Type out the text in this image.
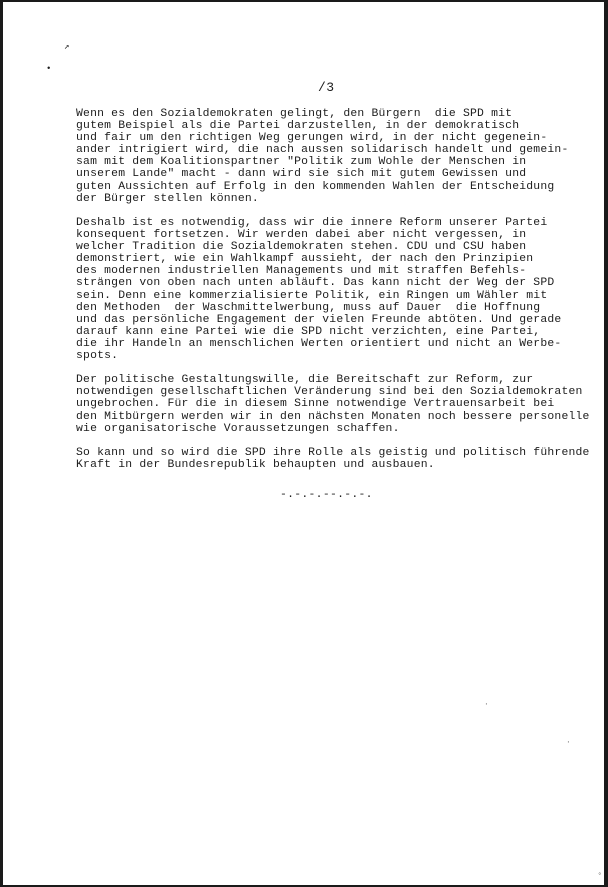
↗
•
/3

Wenn es den Sozialdemokraten gelingt, den Bürgern  die SPD mit
gutem Beispiel als die Partei darzustellen, in der demokratisch
und fair um den richtigen Weg gerungen wird, in der nicht gegenein-
ander intrigiert wird, die nach aussen solidarisch handelt und gemein-
sam mit dem Koalitionspartner "Politik zum Wohle der Menschen in
unserem Lande" macht - dann wird sie sich mit gutem Gewissen und
guten Aussichten auf Erfolg in den kommenden Wahlen der Entscheidung
der Bürger stellen können.

Deshalb ist es notwendig, dass wir die innere Reform unserer Partei
konsequent fortsetzen. Wir werden dabei aber nicht vergessen, in
welcher Tradition die Sozialdemokraten stehen. CDU und CSU haben
demonstriert, wie ein Wahlkampf aussieht, der nach den Prinzipien
des modernen industriellen Managements und mit straffen Befehls-
strängen von oben nach unten abläuft. Das kann nicht der Weg der SPD
sein. Denn eine kommerzialisierte Politik, ein Ringen um Wähler mit
den Methoden  der Waschmittelwerbung, muss auf Dauer  die Hoffnung
und das persönliche Engagement der vielen Freunde abtöten. Und gerade
darauf kann eine Partei wie die SPD nicht verzichten, eine Partei,
die ihr Handeln an menschlichen Werten orientiert und nicht an Werbe-
spots.

Der politische Gestaltungswille, die Bereitschaft zur Reform, zur
notwendigen gesellschaftlichen Veränderung sind bei den Sozialdemokraten
ungebrochen. Für die in diesem Sinne notwendige Vertrauensarbeit bei
den Mitbürgern werden wir in den nächsten Monaten noch bessere personelle
wie organisatorische Voraussetzungen schaffen.

So kann und so wird die SPD ihre Rolle als geistig und politisch führende
Kraft in der Bundesrepublik behaupten und ausbauen.

-.-.-.--.-.-.
·
·
◦
